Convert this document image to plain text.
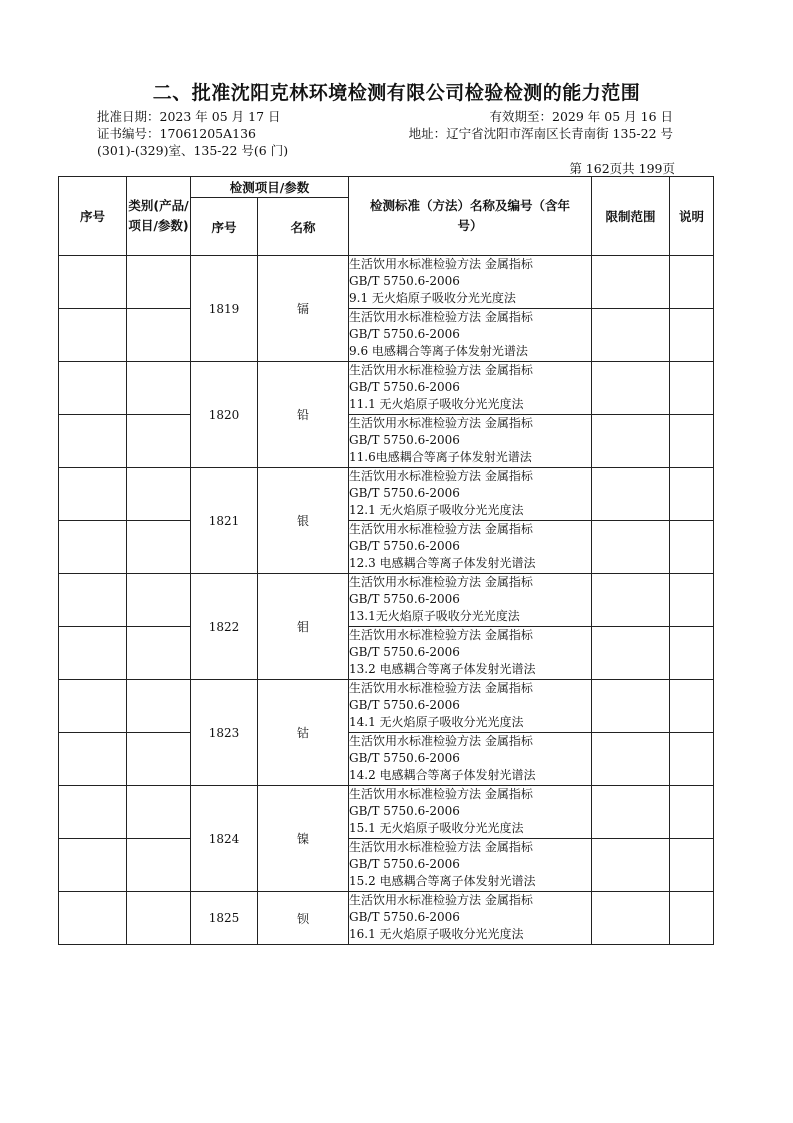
二、批准沈阳克林环境检测有限公司检验检测的能力范围
批准日期：2023 年 05 月 17 日	有效期至：2029 年 05 月 16 日
证书编号：17061205A136	地址：辽宁省沈阳市浑南区长青南街 135-22 号
(301)-(329)室、135-22 号(6 门)
第 162页共 199页
序号	类别(产品/项目/参数)	检测项目/参数		检测标准（方法）名称及编号（含年号）	限制范围	说明
		序号	名称			
		1819	镉	生活饮用水标准检验方法 金属指标
GB/T 5750.6-2006
9.1 无火焰原子吸收分光光度法		

				生活饮用水标准检验方法 金属指标
GB/T 5750.6-2006
9.6 电感耦合等离子体发射光谱法		

		1820	铅	生活饮用水标准检验方法 金属指标
GB/T 5750.6-2006
11.1 无火焰原子吸收分光光度法		

				生活饮用水标准检验方法 金属指标
GB/T 5750.6-2006
11.6电感耦合等离子体发射光谱法		

		1821	银	生活饮用水标准检验方法 金属指标
GB/T 5750.6-2006
12.1 无火焰原子吸收分光光度法		

				生活饮用水标准检验方法 金属指标
GB/T 5750.6-2006
12.3 电感耦合等离子体发射光谱法		

		1822	钼	生活饮用水标准检验方法 金属指标
GB/T 5750.6-2006
13.1无火焰原子吸收分光光度法		

				生活饮用水标准检验方法 金属指标
GB/T 5750.6-2006
13.2 电感耦合等离子体发射光谱法		

		1823	钴	生活饮用水标准检验方法 金属指标
GB/T 5750.6-2006
14.1 无火焰原子吸收分光光度法		

				生活饮用水标准检验方法 金属指标
GB/T 5750.6-2006
14.2 电感耦合等离子体发射光谱法		

		1824	镍	生活饮用水标准检验方法 金属指标
GB/T 5750.6-2006
15.1 无火焰原子吸收分光光度法		

				生活饮用水标准检验方法 金属指标
GB/T 5750.6-2006
15.2 电感耦合等离子体发射光谱法		

		1825	钡	生活饮用水标准检验方法 金属指标
GB/T 5750.6-2006
16.1 无火焰原子吸收分光光度法		
